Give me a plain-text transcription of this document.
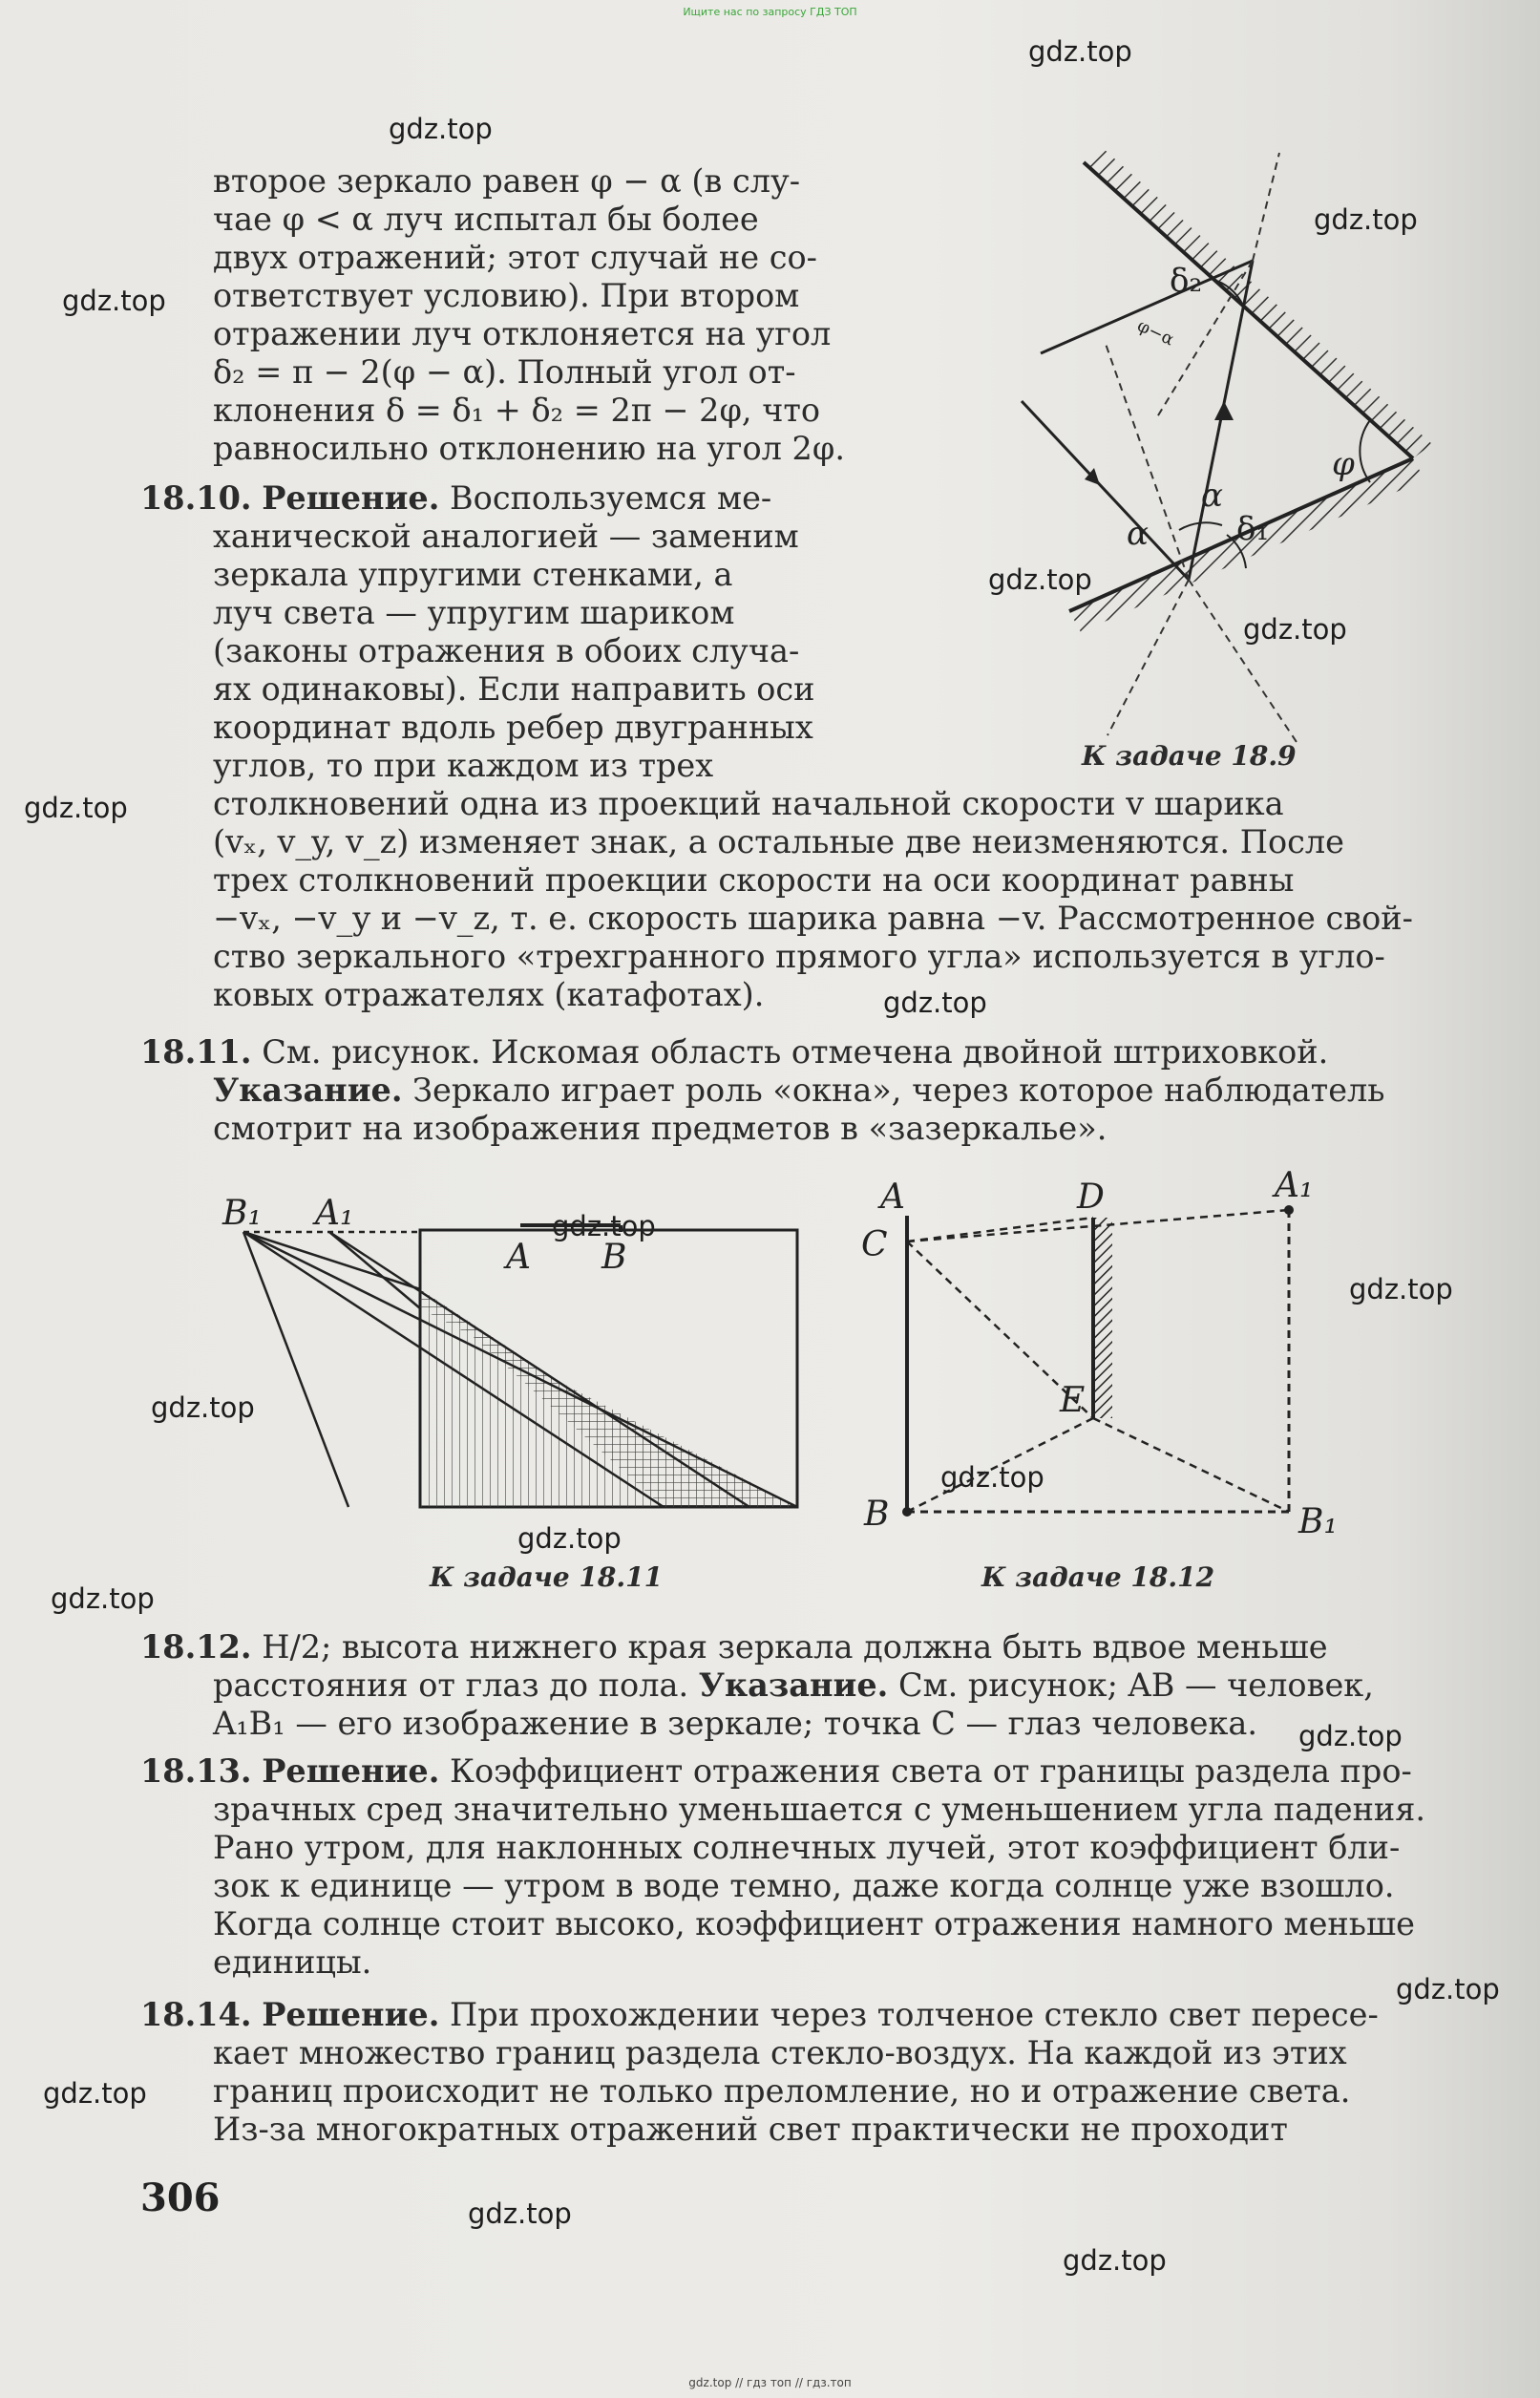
Ищите нас по запросу ГДЗ ТОП
gdz.top
gdz.top
gdz.top
gdz.top
gdz.top
gdz.top
gdz.top
gdz.top
gdz.top
gdz.top
gdz.top
gdz.top
gdz.top
gdz.top
gdz.top
gdz.top
gdz.top
gdz.top
gdz.top
второе зеркало равен φ − α (в слу-
чае φ < α луч испытал бы более
двух отражений; этот случай не со-
ответствует условию). При втором
отражении луч отклоняется на угол
δ₂ = π − 2(φ − α). Полный угол от-
клонения δ = δ₁ + δ₂ = 2π − 2φ, что
равносильно отклонению на угол 2φ.
18.10. Решение. Воспользуемся ме-
ханической аналогией — заменим
зеркала упругими стенками, а
луч света — упругим шариком
(законы отражения в обоих случа-
ях одинаковы). Если направить оси
координат вдоль ребер двугранных
углов, то при каждом из трех
столкновений одна из проекций начальной скорости v шарика
(vₓ, v_y, v_z) изменяет знак, а остальные две неизменяются. После
трех столкновений проекции скорости на оси координат равны
−vₓ, −v_y и −v_z, т. е. скорость шарика равна −v. Рассмотренное свой-
ство зеркального «трехгранного прямого угла» используется в угло-
ковых отражателях (катафотах).
18.11. См. рисунок. Искомая область отмечена двойной штриховкой.
Указание. Зеркало играет роль «окна», через которое наблюдатель
смотрит на изображения предметов в «зазеркалье».
δ₂
φ
α
α
δ₁
φ−α
К задаче 18.9
B₁ A₁
A B
К задаче 18.11
A
C
D
E
A₁
B	B₁
К задаче 18.12
18.12. H/2; высота нижнего края зеркала должна быть вдвое меньше
расстояния от глаз до пола. Указание. См. рисунок; AB — человек,
A₁B₁ — его изображение в зеркале; точка C — глаз человека.
18.13. Решение. Коэффициент отражения света от границы раздела про-
зрачных сред значительно уменьшается с уменьшением угла падения.
Рано утром, для наклонных солнечных лучей, этот коэффициент бли-
зок к единице — утром в воде темно, даже когда солнце уже взошло.
Когда солнце стоит высоко, коэффициент отражения намного меньше
единицы.
18.14. Решение. При прохождении через толченое стекло свет пересе-
кает множество границ раздела стекло-воздух. На каждой из этих
границ происходит не только преломление, но и отражение света.
Из-за многократных отражений свет практически не проходит
306
gdz.top // гдз топ // гдз.топ
